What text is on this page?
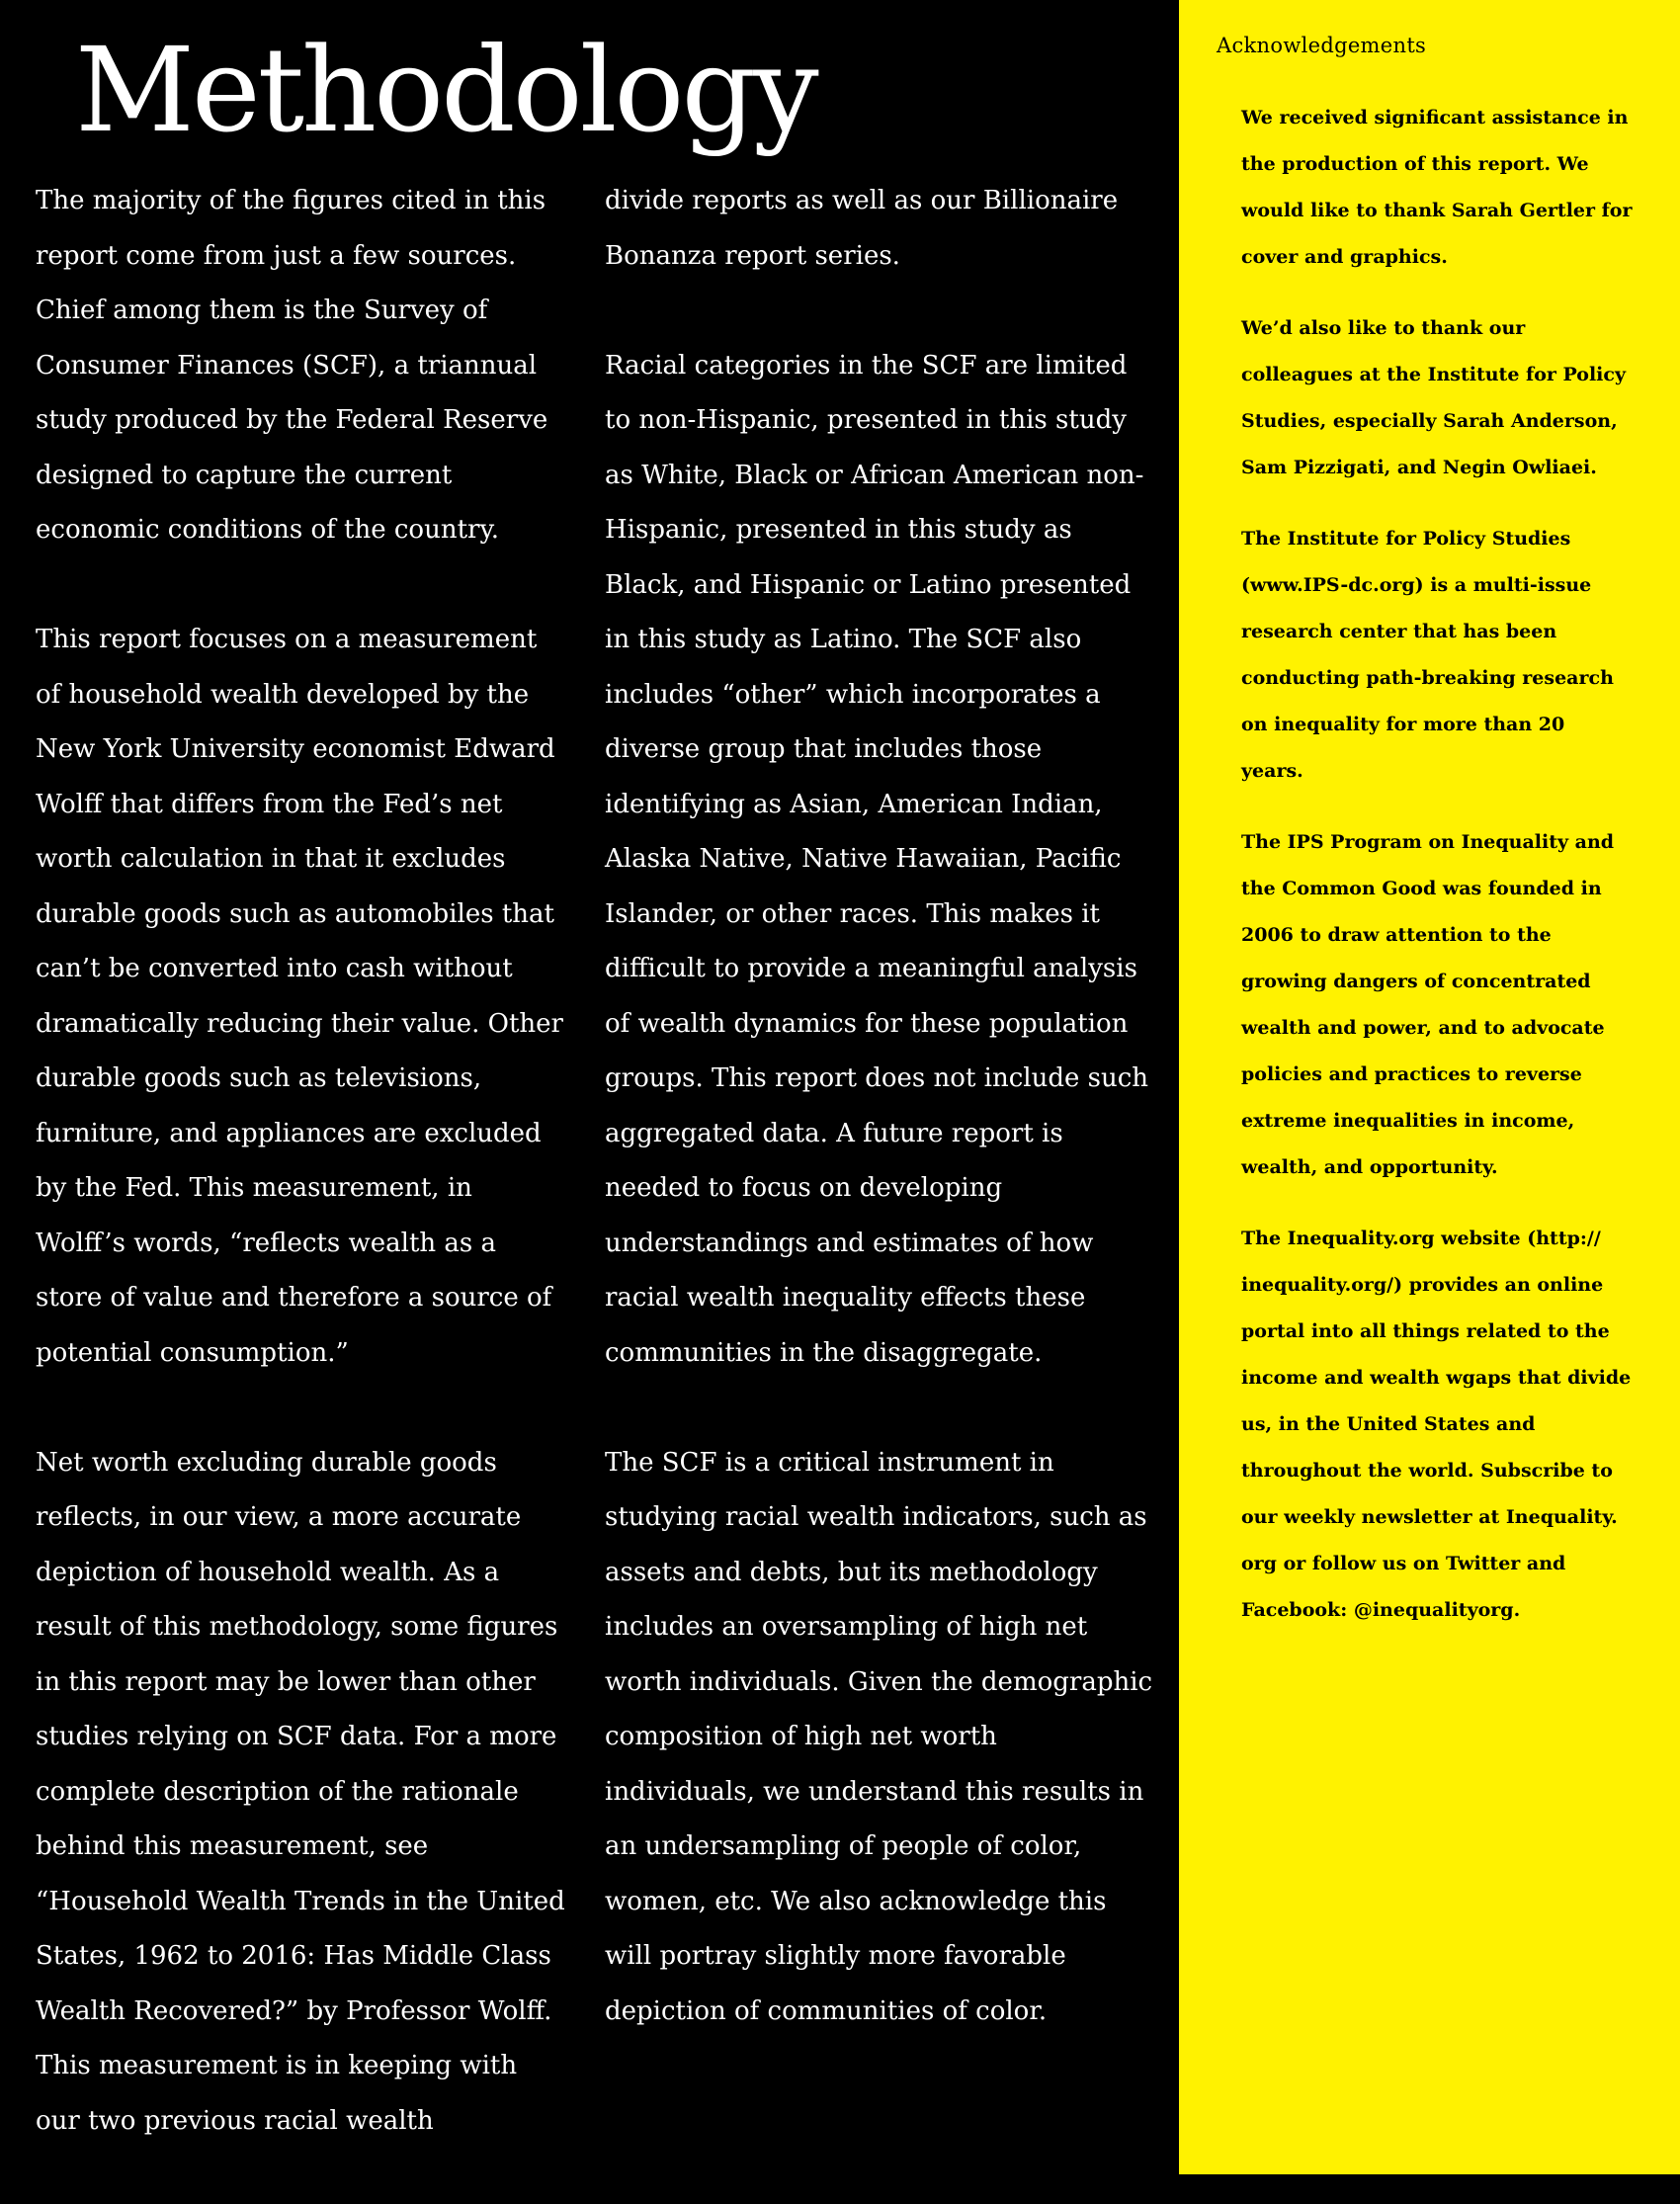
Methodology

The majority of the figures cited in this report come from just a few sources. Chief among them is the Survey of Consumer Finances (SCF), a triannual study produced by the Federal Reserve designed to capture the current economic conditions of the country.

This report focuses on a measurement of household wealth developed by the New York University economist Edward Wolff that differs from the Fed’s net worth calculation in that it excludes durable goods such as automobiles that can’t be converted into cash without dramatically reducing their value. Other durable goods such as televisions, furniture, and appliances are excluded by the Fed. This measurement, in Wolff’s words, “reflects wealth as a store of value and therefore a source of potential consumption.”

Net worth excluding durable goods reflects, in our view, a more accurate depiction of household wealth. As a result of this methodology, some figures in this report may be lower than other studies relying on SCF data. For a more complete description of the rationale behind this measurement, see “Household Wealth Trends in the United States, 1962 to 2016: Has Middle Class Wealth Recovered?” by Professor Wolff. This measurement is in keeping with our two previous racial wealth

divide reports as well as our Billionaire Bonanza report series.

Racial categories in the SCF are limited to non-Hispanic, presented in this study as White, Black or African American non-Hispanic, presented in this study as Black, and Hispanic or Latino presented in this study as Latino. The SCF also includes “other” which incorporates a diverse group that includes those identifying as Asian, American Indian, Alaska Native, Native Hawaiian, Pacific Islander, or other races. This makes it difficult to provide a meaningful analysis of wealth dynamics for these population groups. This report does not include such aggregated data. A future report is needed to focus on developing understandings and estimates of how racial wealth inequality effects these communities in the disaggregate.

The SCF is a critical instrument in studying racial wealth indicators, such as assets and debts, but its methodology includes an oversampling of high net worth individuals. Given the demographic composition of high net worth individuals, we understand this results in an undersampling of people of color, women, etc. We also acknowledge this will portray slightly more favorable depiction of communities of color.

Acknowledgements

We received significant assistance in the production of this report. We would like to thank Sarah Gertler for cover and graphics.

We’d also like to thank our colleagues at the Institute for Policy Studies, especially Sarah Anderson, Sam Pizzigati, and Negin Owliaei.

The Institute for Policy Studies (www.IPS-dc.org) is a multi-issue research center that has been conducting path-breaking research on inequality for more than 20 years.

The IPS Program on Inequality and the Common Good was founded in 2006 to draw attention to the growing dangers of concentrated wealth and power, and to advocate policies and practices to reverse extreme inequalities in income, wealth, and opportunity.

The Inequality.org website (http:// inequality.org/) provides an online portal into all things related to the income and wealth wgaps that divide us, in the United States and throughout the world. Subscribe to our weekly newsletter at Inequality. org or follow us on Twitter and Facebook: @inequalityorg.
